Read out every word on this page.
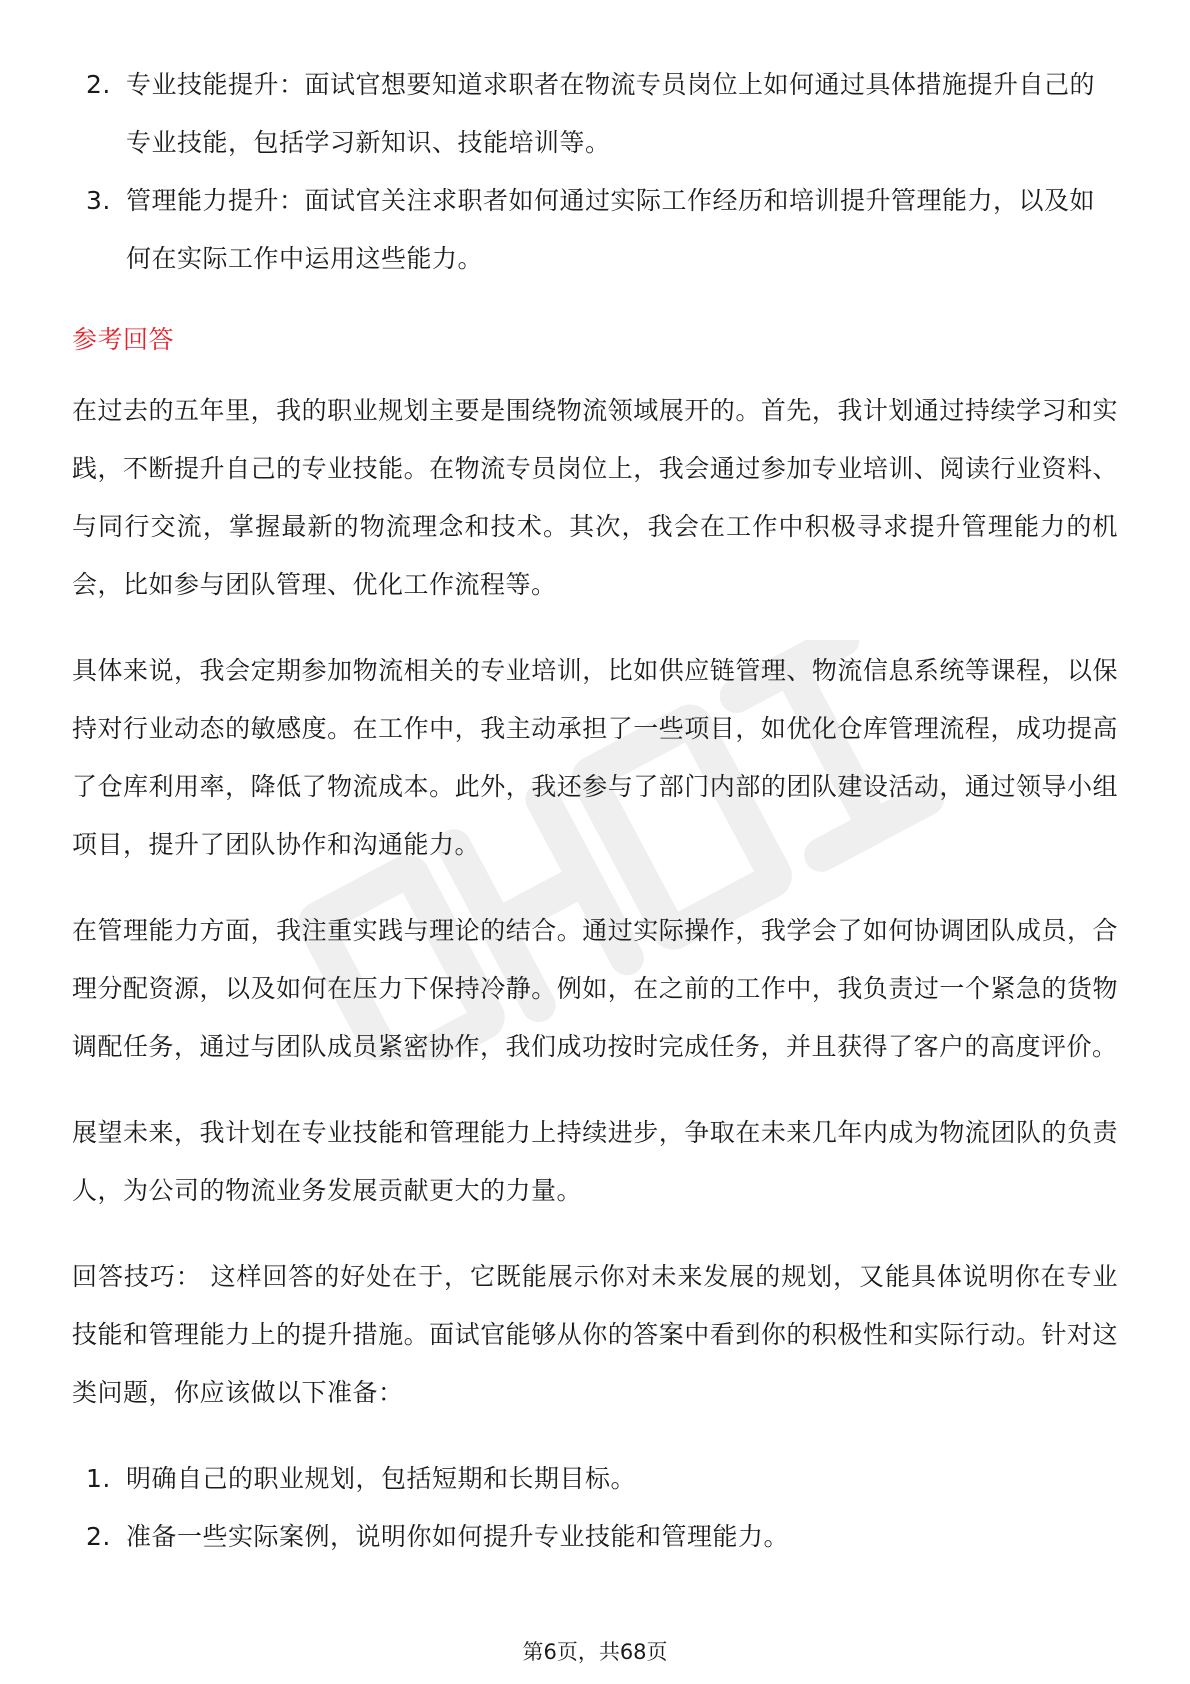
2. 专业技能提升：面试官想要知道求职者在物流专员岗位上如何通过具体措施提升自己的专业技能，包括学习新知识、技能培训等。
3. 管理能力提升：面试官关注求职者如何通过实际工作经历和培训提升管理能力，以及如何在实际工作中运用这些能力。
参考回答

在过去的五年里，我的职业规划主要是围绕物流领域展开的。首先，我计划通过持续学习和实践，不断提升自己的专业技能。在物流专员岗位上，我会通过参加专业培训、阅读行业资料、与同行交流，掌握最新的物流理念和技术。其次，我会在工作中积极寻求提升管理能力的机会，比如参与团队管理、优化工作流程等。

具体来说，我会定期参加物流相关的专业培训，比如供应链管理、物流信息系统等课程，以保持对行业动态的敏感度。在工作中，我主动承担了一些项目，如优化仓库管理流程，成功提高了仓库利用率，降低了物流成本。此外，我还参与了部门内部的团队建设活动，通过领导小组项目，提升了团队协作和沟通能力。

在管理能力方面，我注重实践与理论的结合。通过实际操作，我学会了如何协调团队成员，合理分配资源，以及如何在压力下保持冷静。例如，在之前的工作中，我负责过一个紧急的货物调配任务，通过与团队成员紧密协作，我们成功按时完成任务，并且获得了客户的高度评价。

展望未来，我计划在专业技能和管理能力上持续进步，争取在未来几年内成为物流团队的负责人，为公司的物流业务发展贡献更大的力量。

回答技巧： 这样回答的好处在于，它既能展示你对未来发展的规划，又能具体说明你在专业技能和管理能力上的提升措施。面试官能够从你的答案中看到你的积极性和实际行动。针对这类问题，你应该做以下准备：

1. 明确自己的职业规划，包括短期和长期目标。
2. 准备一些实际案例，说明你如何提升专业技能和管理能力。
第6页，共68页
